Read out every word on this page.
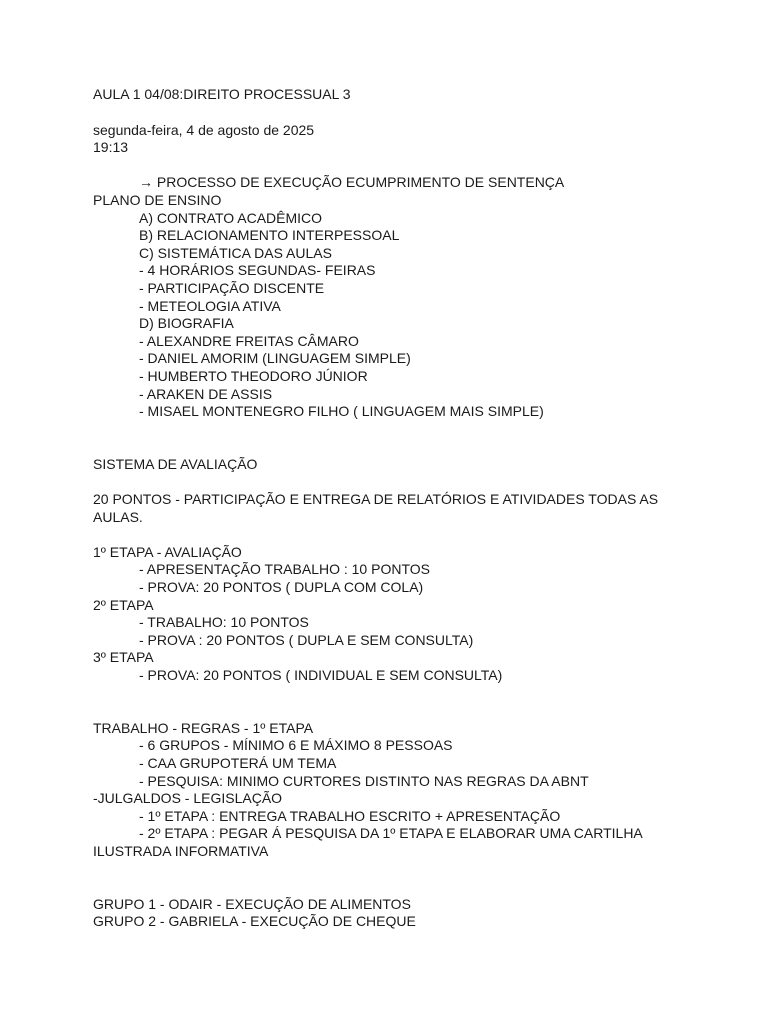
AULA 1 04/08:DIREITO PROCESSUAL 3
segunda-feira, 4 de agosto de 2025
19:13
→ PROCESSO DE EXECUÇÃO ECUMPRIMENTO DE SENTENÇA
PLANO DE ENSINO
A) CONTRATO ACADÊMICO
B) RELACIONAMENTO INTERPESSOAL
C) SISTEMÁTICA DAS AULAS
- 4 HORÁRIOS SEGUNDAS- FEIRAS
- PARTICIPAÇÃO DISCENTE
- METEOLOGIA ATIVA
D) BIOGRAFIA
- ALEXANDRE FREITAS CÂMARO
- DANIEL AMORIM (LINGUAGEM SIMPLE)
- HUMBERTO THEODORO JÚNIOR
- ARAKEN DE ASSIS
- MISAEL MONTENEGRO FILHO ( LINGUAGEM MAIS SIMPLE)
SISTEMA DE AVALIAÇÃO
20 PONTOS - PARTICIPAÇÃO E ENTREGA DE RELATÓRIOS E ATIVIDADES TODAS AS
AULAS.
1º ETAPA - AVALIAÇÃO
- APRESENTAÇÃO TRABALHO : 10 PONTOS
- PROVA: 20 PONTOS ( DUPLA COM COLA)
2º ETAPA
- TRABALHO: 10 PONTOS
- PROVA : 20 PONTOS ( DUPLA E SEM CONSULTA)
3º ETAPA
- PROVA: 20 PONTOS ( INDIVIDUAL E SEM CONSULTA)
TRABALHO - REGRAS - 1º ETAPA
- 6 GRUPOS - MÍNIMO 6 E MÁXIMO 8 PESSOAS
- CAA GRUPOTERÁ UM TEMA
- PESQUISA: MINIMO CURTORES DISTINTO NAS REGRAS DA ABNT
-JULGALDOS - LEGISLAÇÃO
- 1º ETAPA : ENTREGA TRABALHO ESCRITO + APRESENTAÇÃO
- 2º ETAPA : PEGAR Á PESQUISA DA 1º ETAPA E ELABORAR UMA CARTILHA
ILUSTRADA INFORMATIVA
GRUPO 1 - ODAIR - EXECUÇÃO DE ALIMENTOS
GRUPO 2 - GABRIELA - EXECUÇÃO DE CHEQUE
